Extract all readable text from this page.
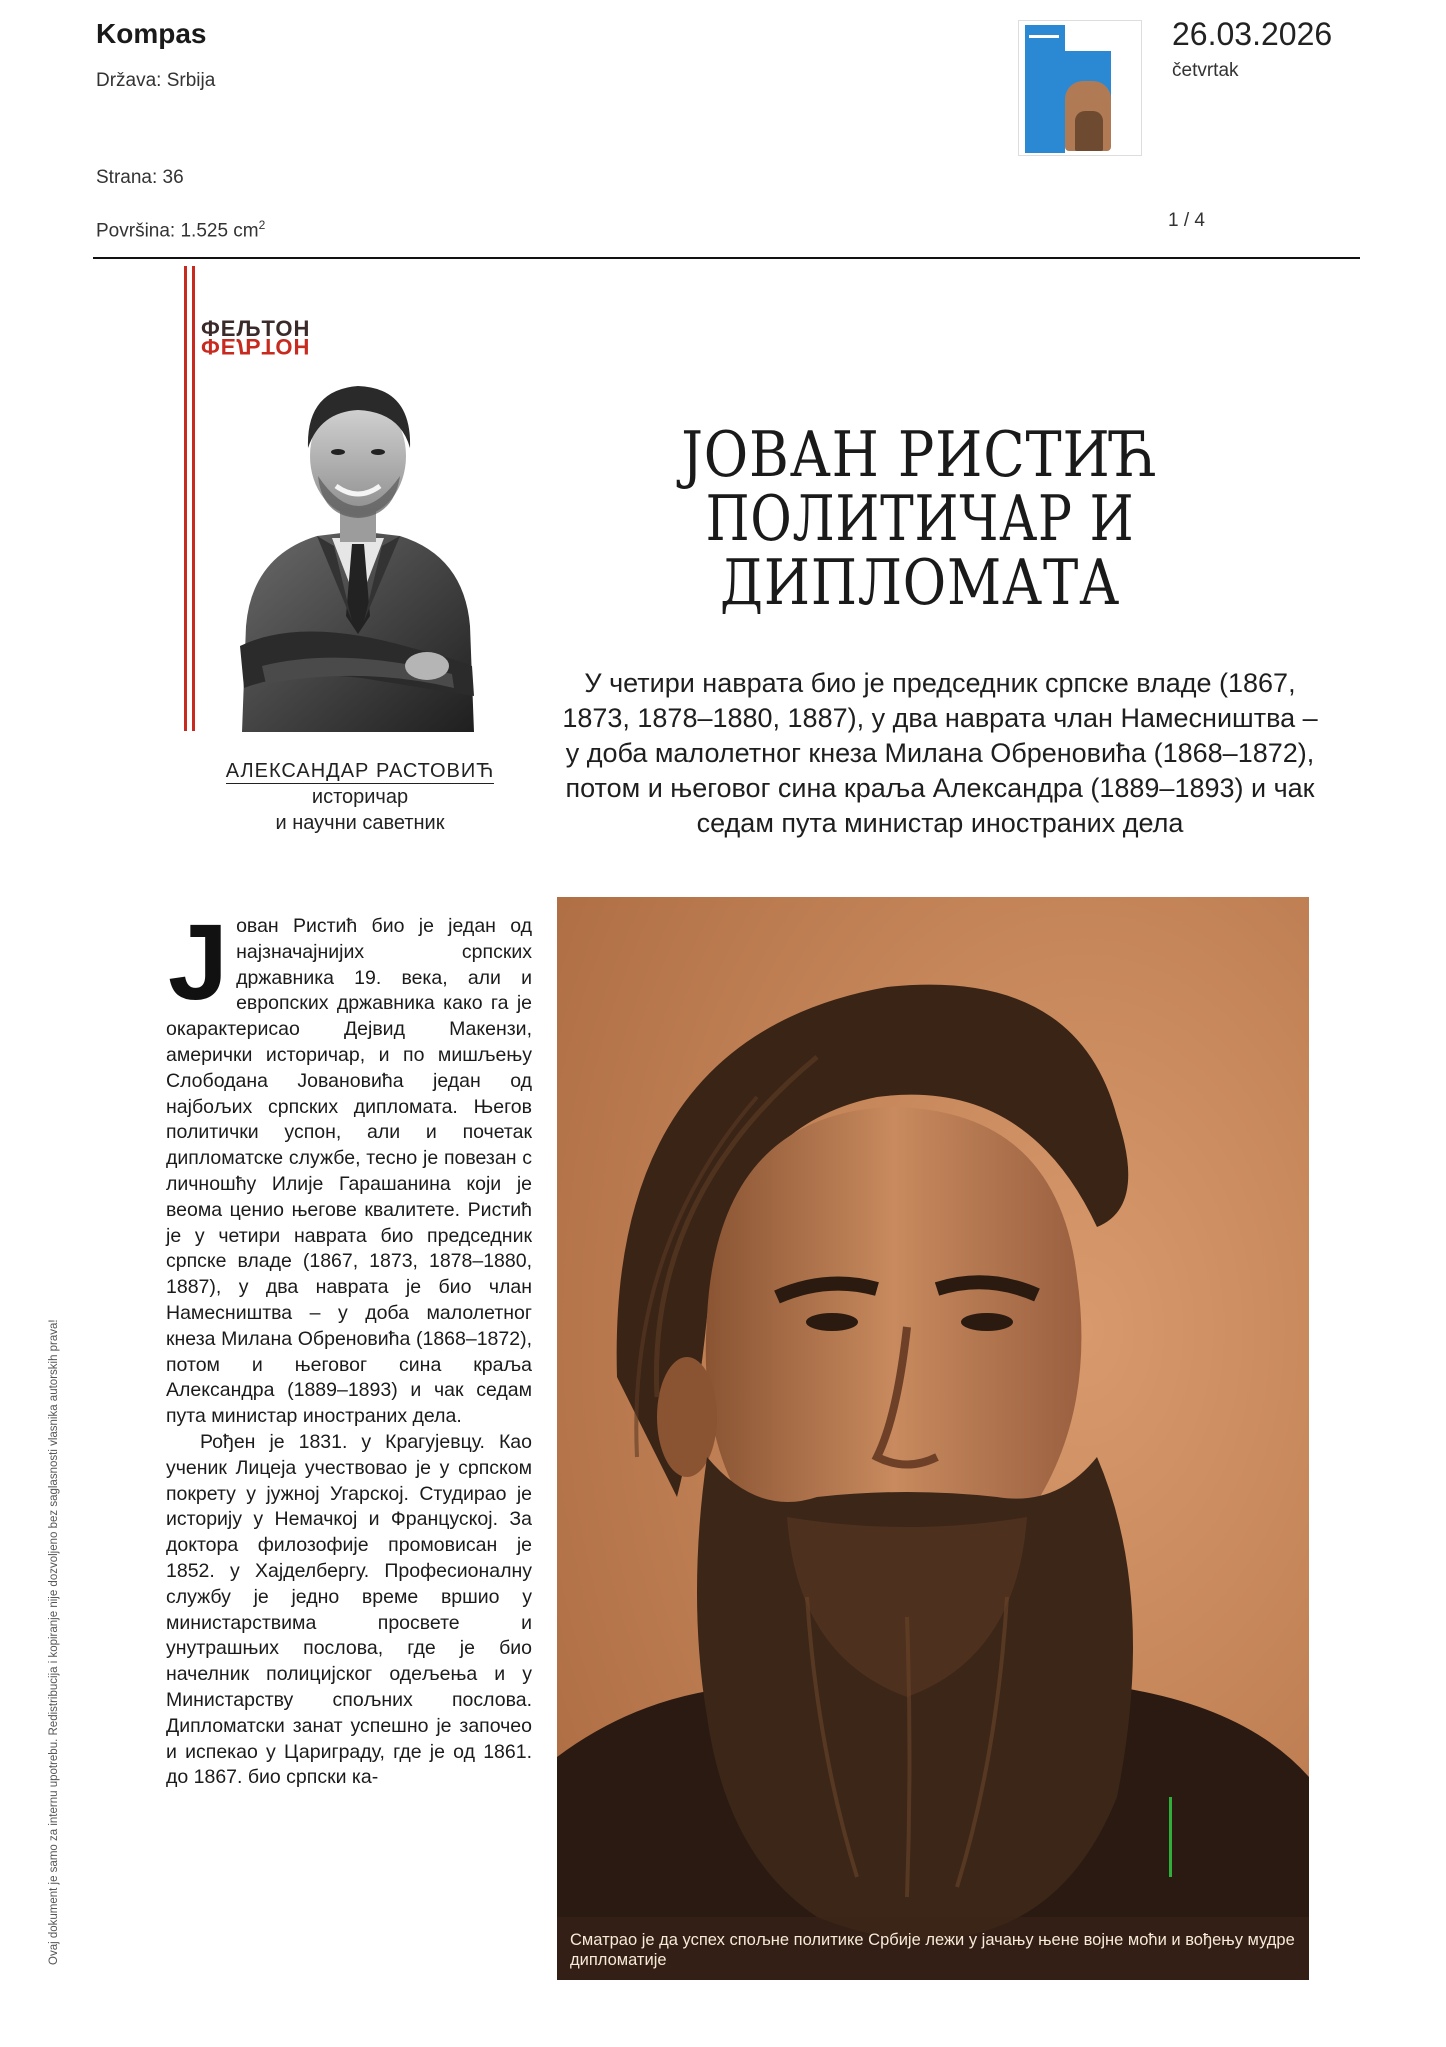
Kompas
Država: Srbija
Strana: 36
Površina: 1.525 $cm^2$
26.03.2026
četvrtak
1 / 4
ФЕЉТОН
ФЕЉТОН
АЛЕКСАНДАР РАСТОВИЋ
историчар
и научни саветник
ЈОВАН РИСТИЋ
ПОЛИТИЧАР И
ДИПЛОМАТА
У четири наврата био је председник српске владе (1867, 1873, 1878–1880, 1887), у два наврата члан Намесништва – у доба малолетног кнеза Милана Обреновића (1868–1872), потом и његовог сина краља Александра (1889–1893) и чак седам пута министар иностраних дела

Јован Ристић био је један од најзначајнијих српских државника 19. века, али и европских државника како га је окарактерисао Дејвид Макензи, амерички историчар, и по мишљењу Слободана Јовановића један од најбољих српских дипломата. Његов политички успон, али и почетак дипломатске службе, тесно је повезан с личношћу Илије Гарашанина који је веома ценио његове квалитете. Ристић је у четири наврата био председник српске владе (1867, 1873, 1878–1880, 1887), у два наврата је био члан Намесништва – у доба малолетног кнеза Милана Обреновића (1868–1872), потом и његовог сина краља Александра (1889–1893) и чак седам пута министар иностраних дела.

Рођен је 1831. у Крагујевцу. Као ученик Лицеја учествовао је у српском покрету у јужној Угарској. Студирао је историју у Немачкој и Француској. За доктора филозофије промовисан је 1852. у Хајделбергу. Професионалну службу је једно време вршио у министарствима просвете и унутрашњих послова, где је био начелник полицијског одељења и у Министарству спољних послова. Дипломатски занат успешно је започео и испекао у Цариграду, где је од 1861. до 1867. био српски ка-

Сматрао је да успех спољне политике Србије лежи у јачању њене војне моћи и вођењу мудре дипломатије
Ovaj dokument je samo za internu upotrebu. Redistribucija i kopiranje nije dozvoljeno bez saglasnosti vlasnika autorskih prava!
